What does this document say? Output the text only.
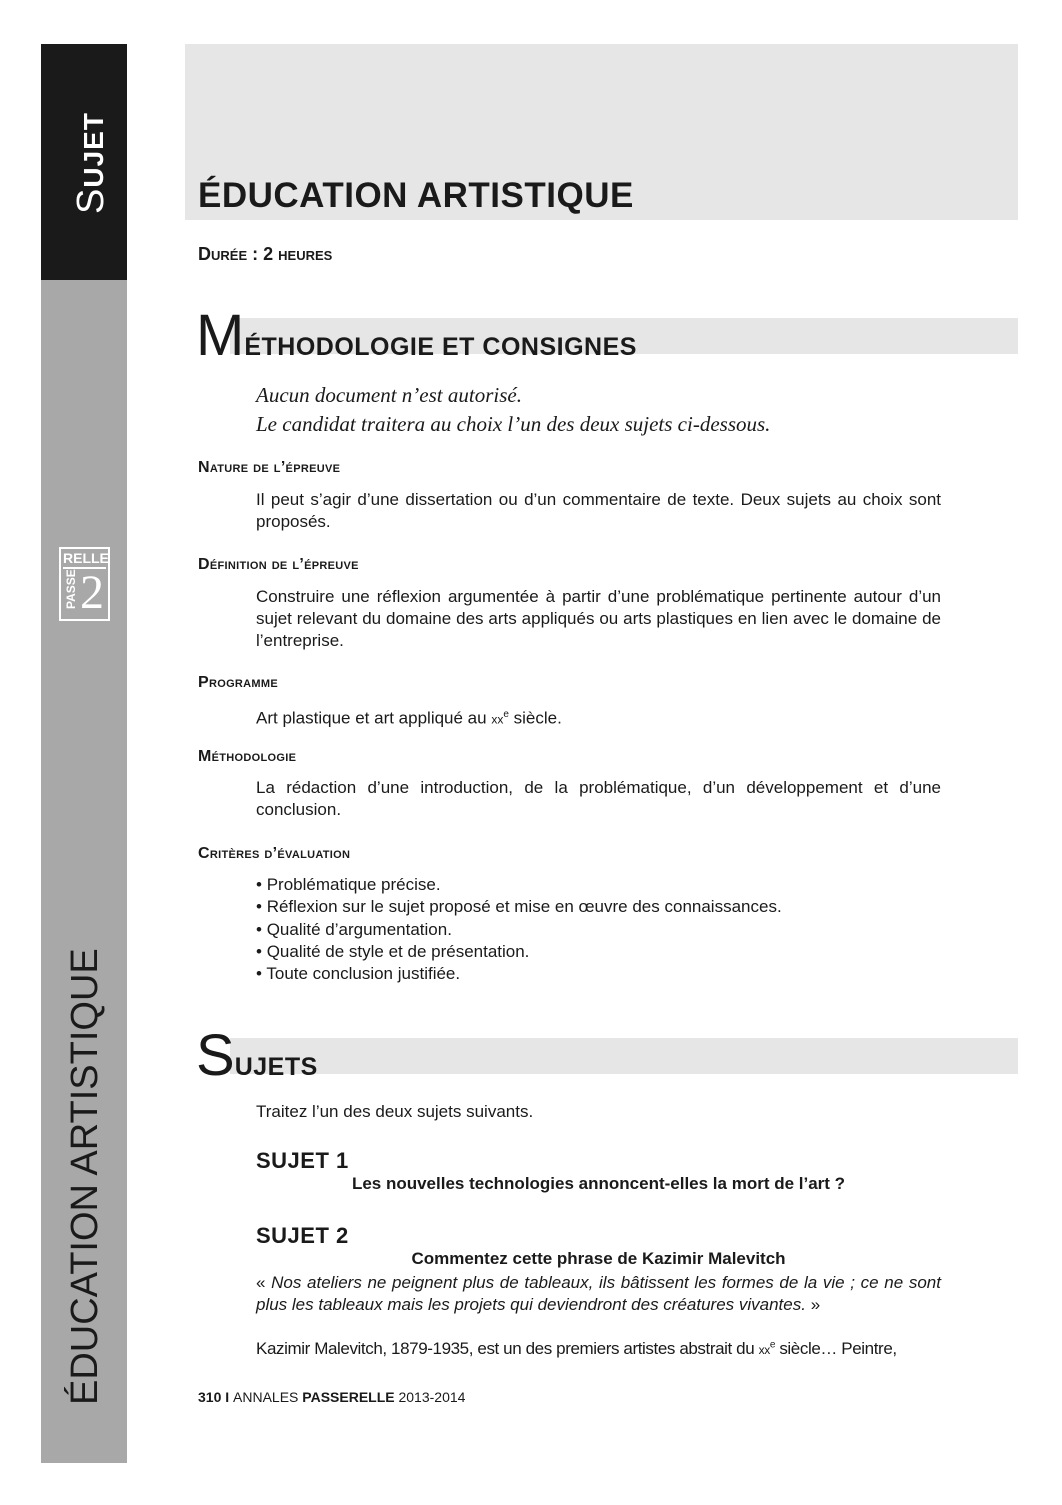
SUJET
RELLE
PASSE 2
ÉDUCATION ARTISTIQUE
ÉDUCATION ARTISTIQUE
Durée : 2 heures
MÉTHODOLOGIE ET CONSIGNES
Aucun document n’est autorisé.
Le candidat traitera au choix l’un des deux sujets ci-dessous.
Nature de l’épreuve
Il peut s’agir d’une dissertation ou d’un commentaire de texte. Deux sujets au choix sont proposés.
Définition de l’épreuve
Construire une réflexion argumentée à partir d’une problématique pertinente autour d’un sujet relevant du domaine des arts appliqués ou arts plastiques en lien avec le domaine de l’entreprise.
Programme
Art plastique et art appliqué au $xx^e$ siècle.
Méthodologie
La rédaction d’une introduction, de la problématique, d’un développement et d’une conclusion.
Critères d’évaluation
• Problématique précise.
• Réflexion sur le sujet proposé et mise en œuvre des connaissances.
• Qualité d’argumentation.
• Qualité de style et de présentation.
• Toute conclusion justifiée.
SUJETS
Traitez l’un des deux sujets suivants.
SUJET 1
Les nouvelles technologies annoncent-elles la mort de l’art ?
SUJET 2
Commentez cette phrase de Kazimir Malevitch
« Nos ateliers ne peignent plus de tableaux, ils bâtissent les formes de la vie ; ce ne sont plus les tableaux mais les projets qui deviendront des créatures vivantes. »
Kazimir Malevitch, 1879-1935, est un des premiers artistes abstrait du $xx^e$ siècle… Peintre,
310 I ANNALES PASSERELLE 2013-2014
